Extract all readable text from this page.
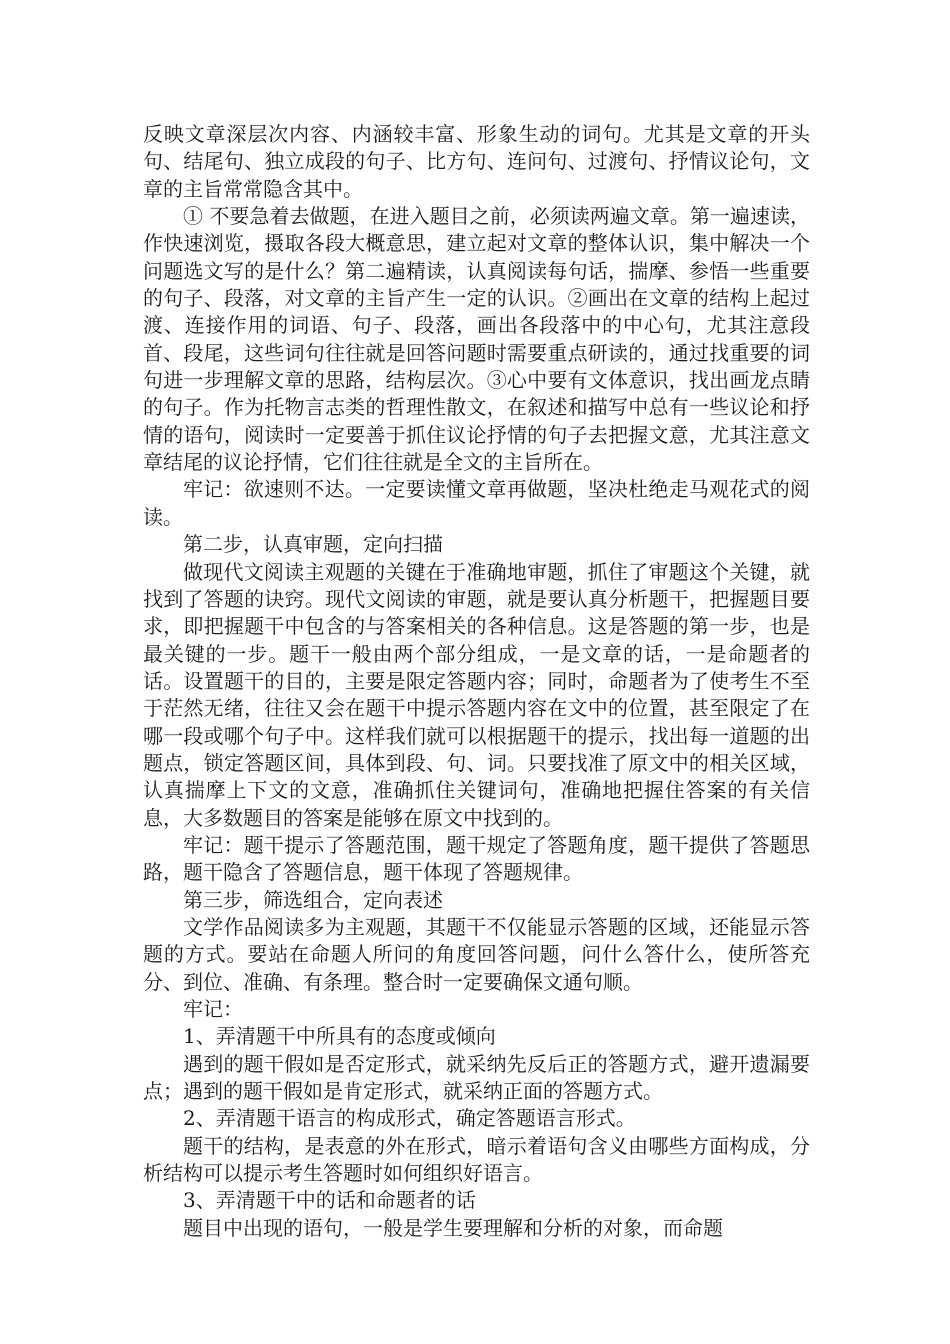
反映文章深层次内容、内涵较丰富、形象生动的词句。尤其是文章的开头句、结尾句、独立成段的句子、比方句、连问句、过渡句、抒情议论句，文章的主旨常常隐含其中。

① 不要急着去做题，在进入题目之前，必须读两遍文章。第一遍速读，作快速浏览，摄取各段大概意思，建立起对文章的整体认识，集中解决一个问题选文写的是什么？第二遍精读，认真阅读每句话，揣摩、参悟一些重要的句子、段落，对文章的主旨产生一定的认识。②画出在文章的结构上起过渡、连接作用的词语、句子、段落，画出各段落中的中心句，尤其注意段首、段尾，这些词句往往就是回答问题时需要重点研读的，通过找重要的词句进一步理解文章的思路，结构层次。③心中要有文体意识，找出画龙点睛的句子。作为托物言志类的哲理性散文，在叙述和描写中总有一些议论和抒情的语句，阅读时一定要善于抓住议论抒情的句子去把握文意，尤其注意文章结尾的议论抒情，它们往往就是全文的主旨所在。

牢记：欲速则不达。一定要读懂文章再做题，坚决杜绝走马观花式的阅读。

第二步，认真审题，定向扫描

做现代文阅读主观题的关键在于准确地审题，抓住了审题这个关键，就找到了答题的诀窍。现代文阅读的审题，就是要认真分析题干，把握题目要求，即把握题干中包含的与答案相关的各种信息。这是答题的第一步，也是最关键的一步。题干一般由两个部分组成，一是文章的话，一是命题者的话。设置题干的目的，主要是限定答题内容；同时，命题者为了使考生不至于茫然无绪，往往又会在题干中提示答题内容在文中的位置，甚至限定了在哪一段或哪个句子中。这样我们就可以根据题干的提示，找出每一道题的出题点，锁定答题区间，具体到段、句、词。只要找准了原文中的相关区域，认真揣摩上下文的文意，准确抓住关键词句，准确地把握住答案的有关信息，大多数题目的答案是能够在原文中找到的。

牢记：题干提示了答题范围，题干规定了答题角度，题干提供了答题思路，题干隐含了答题信息，题干体现了答题规律。

第三步，筛选组合，定向表述

文学作品阅读多为主观题，其题干不仅能显示答题的区域，还能显示答题的方式。要站在命题人所问的角度回答问题，问什么答什么，使所答充分、到位、准确、有条理。整合时一定要确保文通句顺。

牢记：

1、弄清题干中所具有的态度或倾向

遇到的题干假如是否定形式，就采纳先反后正的答题方式，避开遗漏要点；遇到的题干假如是肯定形式，就采纳正面的答题方式。

2、弄清题干语言的构成形式，确定答题语言形式。

题干的结构，是表意的外在形式，暗示着语句含义由哪些方面构成，分析结构可以提示考生答题时如何组织好语言。

3、弄清题干中的话和命题者的话

题目中出现的语句，一般是学生要理解和分析的对象，而命题
